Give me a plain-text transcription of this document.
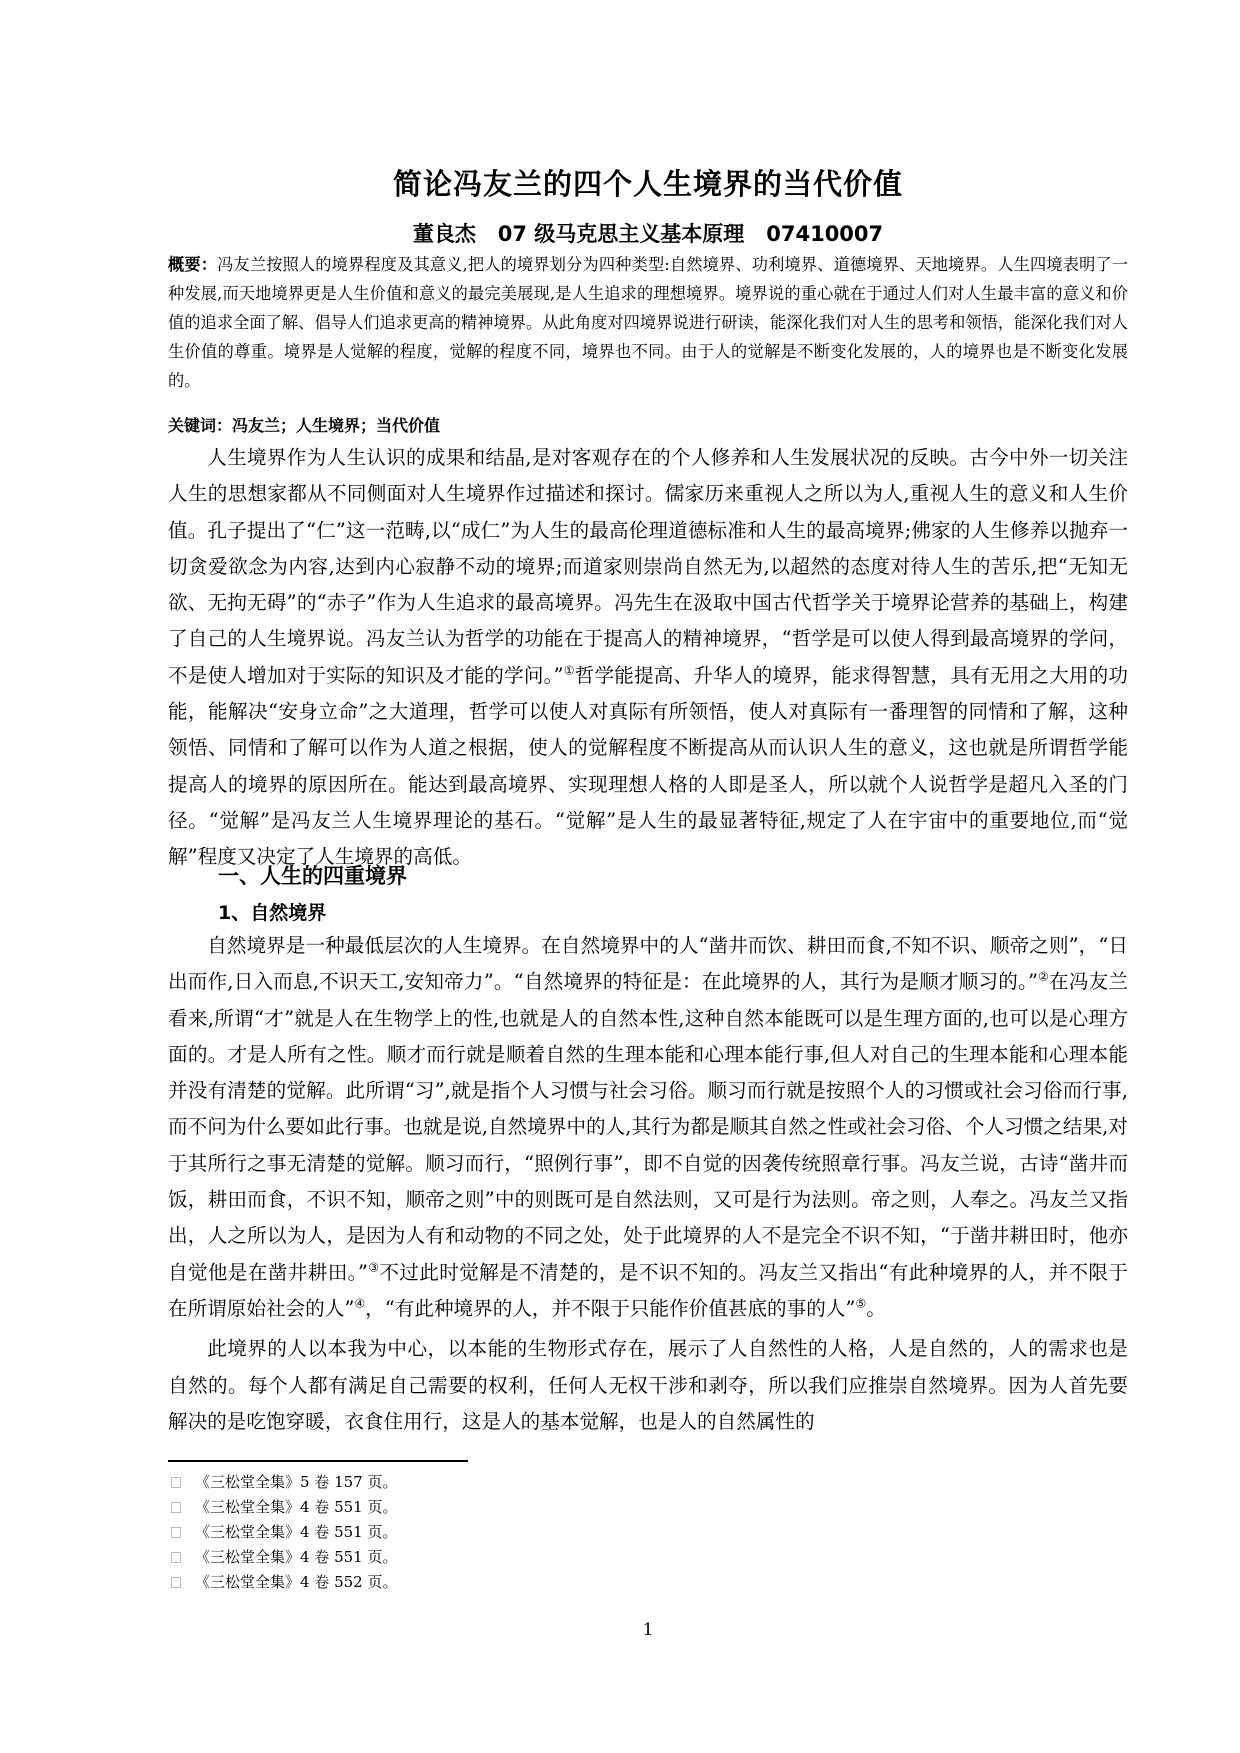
简论冯友兰的四个人生境界的当代价值
董良杰   07 级马克思主义基本原理   07410007
概要：冯友兰按照人的境界程度及其意义,把人的境界划分为四种类型:自然境界、功利境界、道德境界、天地境界。人生四境表明了一种发展,而天地境界更是人生价值和意义的最完美展现,是人生追求的理想境界。境界说的重心就在于通过人们对人生最丰富的意义和价值的追求全面了解、倡导人们追求更高的精神境界。从此角度对四境界说进行研读，能深化我们对人生的思考和领悟，能深化我们对人生价值的尊重。境界是人觉解的程度，觉解的程度不同，境界也不同。由于人的觉解是不断变化发展的，人的境界也是不断变化发展的。
关键词：冯友兰；人生境界；当代价值

人生境界作为人生认识的成果和结晶,是对客观存在的个人修养和人生发展状况的反映。古今中外一切关注人生的思想家都从不同侧面对人生境界作过描述和探讨。儒家历来重视人之所以为人,重视人生的意义和人生价值。孔子提出了“仁”这一范畴,以“成仁”为人生的最高伦理道德标准和人生的最高境界;佛家的人生修养以抛弃一切贪爱欲念为内容,达到内心寂静不动的境界;而道家则崇尚自然无为,以超然的态度对待人生的苦乐,把“无知无欲、无拘无碍”的“赤子”作为人生追求的最高境界。冯先生在汲取中国古代哲学关于境界论营养的基础上，构建了自己的人生境界说。冯友兰认为哲学的功能在于提高人的精神境界，“哲学是可以使人得到最高境界的学问，不是使人增加对于实际的知识及才能的学问。”①哲学能提高、升华人的境界，能求得智慧，具有无用之大用的功能，能解决“安身立命”之大道理，哲学可以使人对真际有所领悟，使人对真际有一番理智的同情和了解，这种领悟、同情和了解可以作为人道之根据，使人的觉解程度不断提高从而认识人生的意义，这也就是所谓哲学能提高人的境界的原因所在。能达到最高境界、实现理想人格的人即是圣人，所以就个人说哲学是超凡入圣的门径。“觉解”是冯友兰人生境界理论的基石。“觉解”是人生的最显著特征,规定了人在宇宙中的重要地位,而“觉解”程度又决定了人生境界的高低。

一、人生的四重境界
1、自然境界

自然境界是一种最低层次的人生境界。在自然境界中的人“凿井而饮、耕田而食,不知不识、顺帝之则”，“日出而作,日入而息,不识天工,安知帝力”。“自然境界的特征是：在此境界的人，其行为是顺才顺习的。”②在冯友兰看来,所谓“才”就是人在生物学上的性,也就是人的自然本性,这种自然本能既可以是生理方面的,也可以是心理方面的。才是人所有之性。顺才而行就是顺着自然的生理本能和心理本能行事,但人对自己的生理本能和心理本能并没有清楚的觉解。此所谓“习”,就是指个人习惯与社会习俗。顺习而行就是按照个人的习惯或社会习俗而行事,而不问为什么要如此行事。也就是说,自然境界中的人,其行为都是顺其自然之性或社会习俗、个人习惯之结果,对于其所行之事无清楚的觉解。顺习而行，“照例行事”，即不自觉的因袭传统照章行事。冯友兰说，古诗“凿井而饭，耕田而食，不识不知，顺帝之则”中的则既可是自然法则，又可是行为法则。帝之则，人奉之。冯友兰又指出，人之所以为人，是因为人有和动物的不同之处，处于此境界的人不是完全不识不知，“于凿井耕田时，他亦自觉他是在凿井耕田。”③不过此时觉解是不清楚的，是不识不知的。冯友兰又指出“有此种境界的人，并不限于在所谓原始社会的人”④，“有此种境界的人，并不限于只能作价值甚底的事的人”⑤。

此境界的人以本我为中心，以本能的生物形式存在，展示了人自然性的人格，人是自然的，人的需求也是自然的。每个人都有满足自己需要的权利，任何人无权干涉和剥夺，所以我们应推崇自然境界。因为人首先要解决的是吃饱穿暖，衣食住用行，这是人的基本觉解，也是人的自然属性的

《三松堂全集》5 卷 157 页。
《三松堂全集》4 卷 551 页。
《三松堂全集》4 卷 551 页。
《三松堂全集》4 卷 551 页。
《三松堂全集》4 卷 552 页。
1
